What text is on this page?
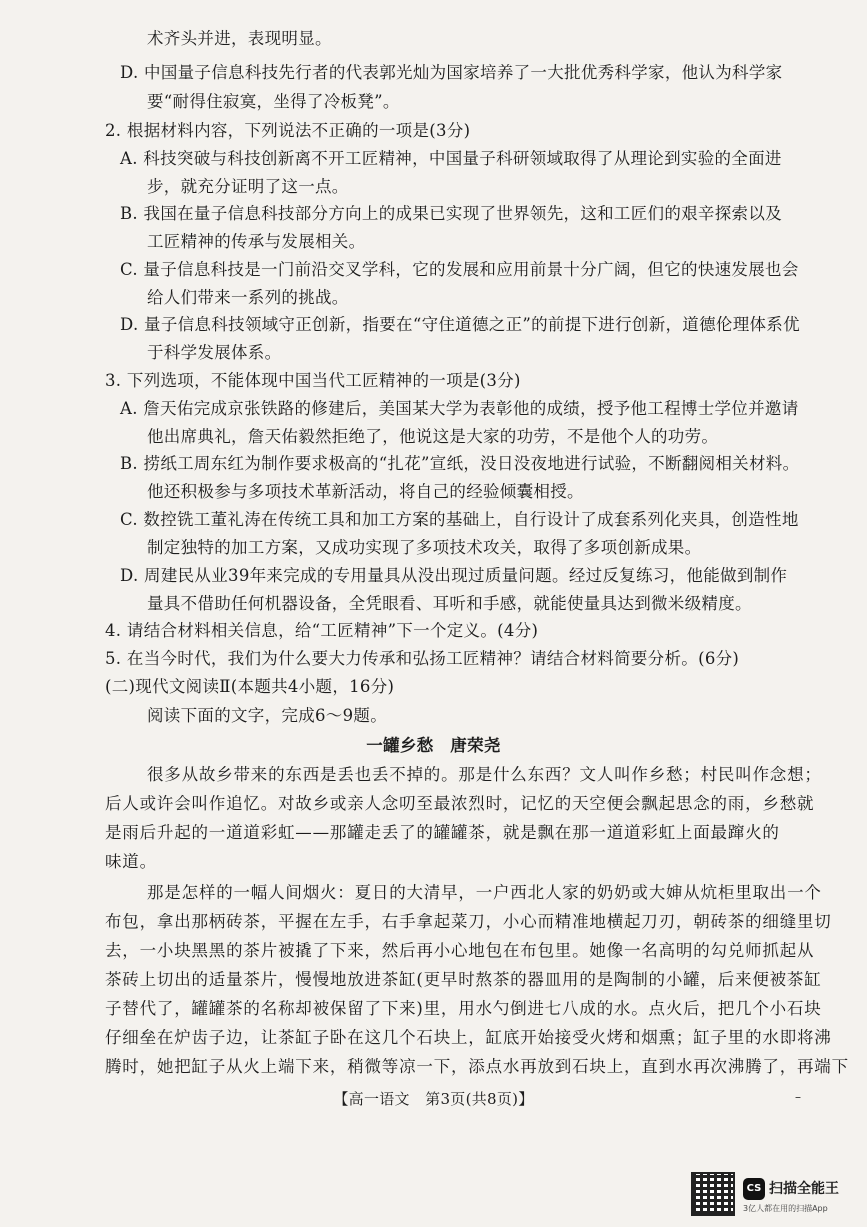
术齐头并进，表现明显。
D. 中国量子信息科技先行者的代表郭光灿为国家培养了一大批优秀科学家，他认为科学家
要“耐得住寂寞，坐得了冷板凳”。
2. 根据材料内容，下列说法不正确的一项是(3分)
A. 科技突破与科技创新离不开工匠精神，中国量子科研领域取得了从理论到实验的全面进
步，就充分证明了这一点。
B. 我国在量子信息科技部分方向上的成果已实现了世界领先，这和工匠们的艰辛探索以及
工匠精神的传承与发展相关。
C. 量子信息科技是一门前沿交叉学科，它的发展和应用前景十分广阔，但它的快速发展也会
给人们带来一系列的挑战。
D. 量子信息科技领域守正创新，指要在“守住道德之正”的前提下进行创新，道德伦理体系优
于科学发展体系。
3. 下列选项，不能体现中国当代工匠精神的一项是(3分)
A. 詹天佑完成京张铁路的修建后，美国某大学为表彰他的成绩，授予他工程博士学位并邀请
他出席典礼，詹天佑毅然拒绝了，他说这是大家的功劳，不是他个人的功劳。
B. 捞纸工周东红为制作要求极高的“扎花”宣纸，没日没夜地进行试验，不断翻阅相关材料。
他还积极参与多项技术革新活动，将自己的经验倾囊相授。
C. 数控铣工董礼涛在传统工具和加工方案的基础上，自行设计了成套系列化夹具，创造性地
制定独特的加工方案，又成功实现了多项技术攻关，取得了多项创新成果。
D. 周建民从业39年来完成的专用量具从没出现过质量问题。经过反复练习，他能做到制作
量具不借助任何机器设备，全凭眼看、耳听和手感，就能使量具达到微米级精度。
4. 请结合材料相关信息，给“工匠精神”下一个定义。(4分)
5. 在当今时代，我们为什么要大力传承和弘扬工匠精神？请结合材料简要分析。(6分)
(二)现代文阅读Ⅱ(本题共4小题，16分)
阅读下面的文字，完成6～9题。
一罐乡愁　唐荣尧
很多从故乡带来的东西是丢也丢不掉的。那是什么东西？文人叫作乡愁；村民叫作念想；
后人或许会叫作追忆。对故乡或亲人念叨至最浓烈时，记忆的天空便会飘起思念的雨，乡愁就
是雨后升起的一道道彩虹——那罐走丢了的罐罐茶，就是飘在那一道道彩虹上面最蹿火的
味道。
那是怎样的一幅人间烟火：夏日的大清早，一户西北人家的奶奶或大婶从炕柜里取出一个
布包，拿出那柄砖茶，平握在左手，右手拿起菜刀，小心而精准地横起刀刃，朝砖茶的细缝里切
去，一小块黑黑的茶片被撬了下来，然后再小心地包在布包里。她像一名高明的勾兑师抓起从
茶砖上切出的适量茶片，慢慢地放进茶缸(更早时熬茶的器皿用的是陶制的小罐，后来便被茶缸
子替代了，罐罐茶的名称却被保留了下来)里，用水勺倒进七八成的水。点火后，把几个小石块
仔细垒在炉齿子边，让茶缸子卧在这几个石块上，缸底开始接受火烤和烟熏；缸子里的水即将沸
腾时，她把缸子从火上端下来，稍微等凉一下，添点水再放到石块上，直到水再次沸腾了，再端下
【高一语文　第3页(共8页)】	–
CS 扫描全能王
3亿人都在用的扫描App
